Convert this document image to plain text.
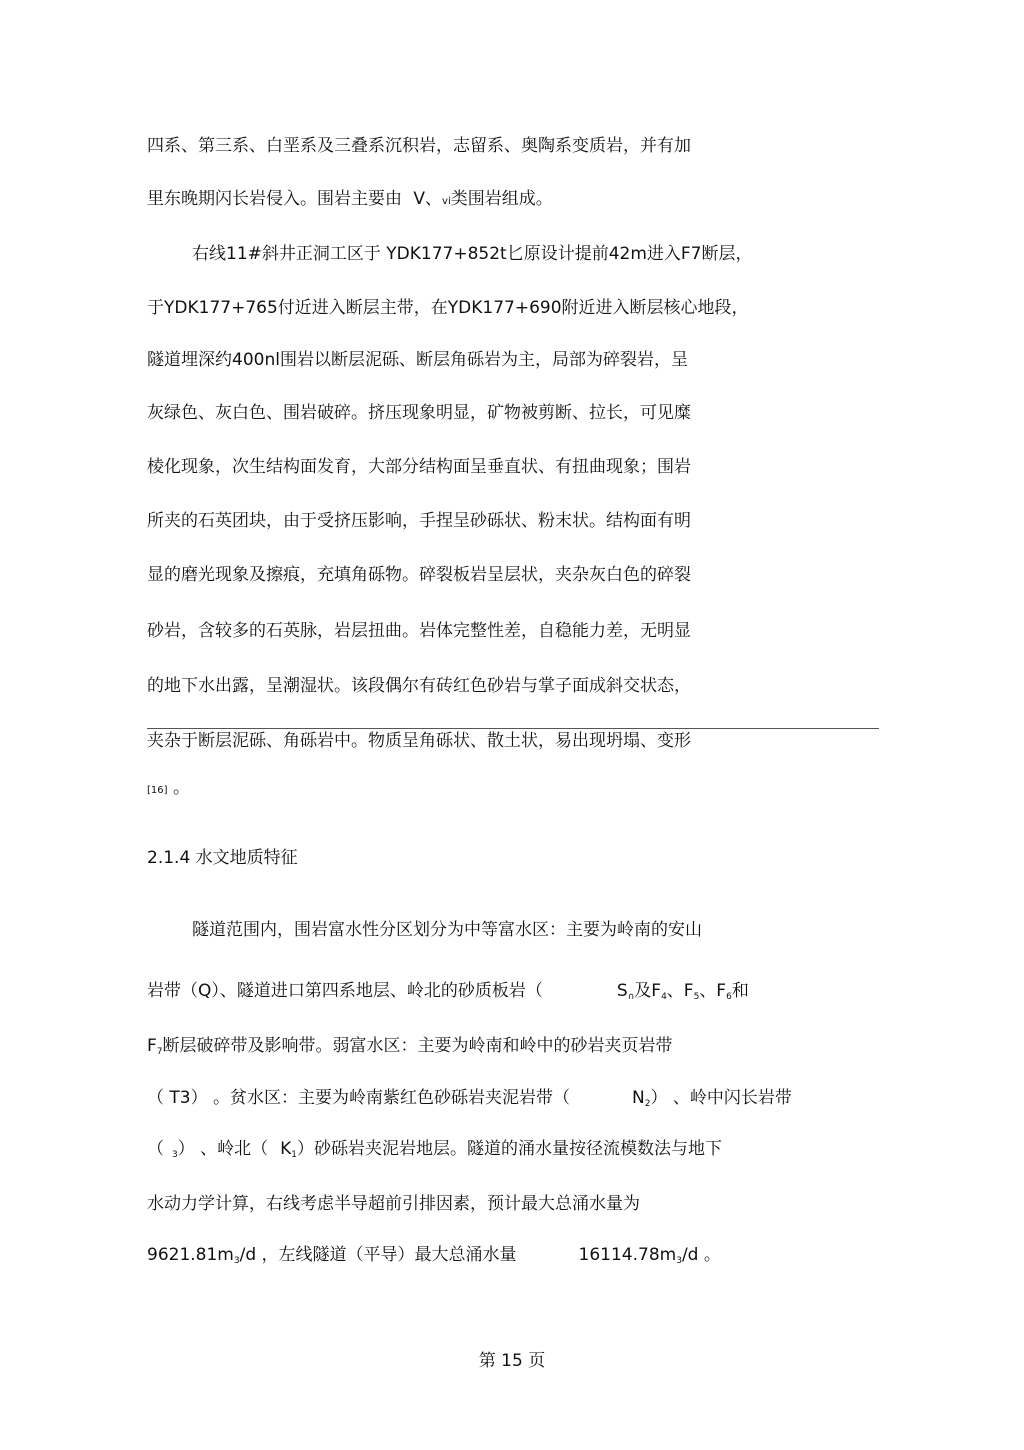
四系、第三系、白垩系及三叠系沉积岩，志留系、奥陶系变质岩，并有加
里东晚期闪长岩侵入。围岩主要由 V、vi类围岩组成。
右线11#斜井正洞工区于 YDK177+852t匕原设计提前42m进入F7断层，
于YDK177+765付近进入断层主带，在YDK177+690附近进入断层核心地段，
隧道埋深约400nl围岩以断层泥砾、断层角砾岩为主，局部为碎裂岩，呈
灰绿色、灰白色、围岩破碎。挤压现象明显，矿物被剪断、拉长，可见糜
棱化现象，次生结构面发育，大部分结构面呈垂直状、有扭曲现象；围岩
所夹的石英团块，由于受挤压影响，手捏呈砂砾状、粉末状。结构面有明
显的磨光现象及擦痕，充填角砾物。碎裂板岩呈层状，夹杂灰白色的碎裂
砂岩，含较多的石英脉，岩层扭曲。岩体完整性差，自稳能力差，无明显
的地下水出露，呈潮湿状。该段偶尔有砖红色砂岩与掌子面成斜交状态，
夹杂于断层泥砾、角砾岩中。物质呈角砾状、散土状，易出现坍塌、变形
[16] 。
2.1.4 水文地质特征
隧道范围内，围岩富水性分区划分为中等富水区：主要为岭南的安山
岩带（Q）、隧道进口第四系地层、岭北的砂质板岩（	S∩及F4、F5、F6和
F7断层破碎带及影响带。弱富水区：主要为岭南和岭中的砂岩夹页岩带
（ T3） 。贫水区：主要为岭南紫红色砂砾岩夹泥岩带（	N2） 、岭中闪长岩带
（ 3） 、岭北（ K1）砂砾岩夹泥岩地层。隧道的涌水量按径流模数法与地下
水动力学计算，右线考虑半导超前引排因素，预计最大总涌水量为
9621.81m3/d ，左线隧道（平导）最大总涌水量	16114.78m3/d 。
第 15 页
